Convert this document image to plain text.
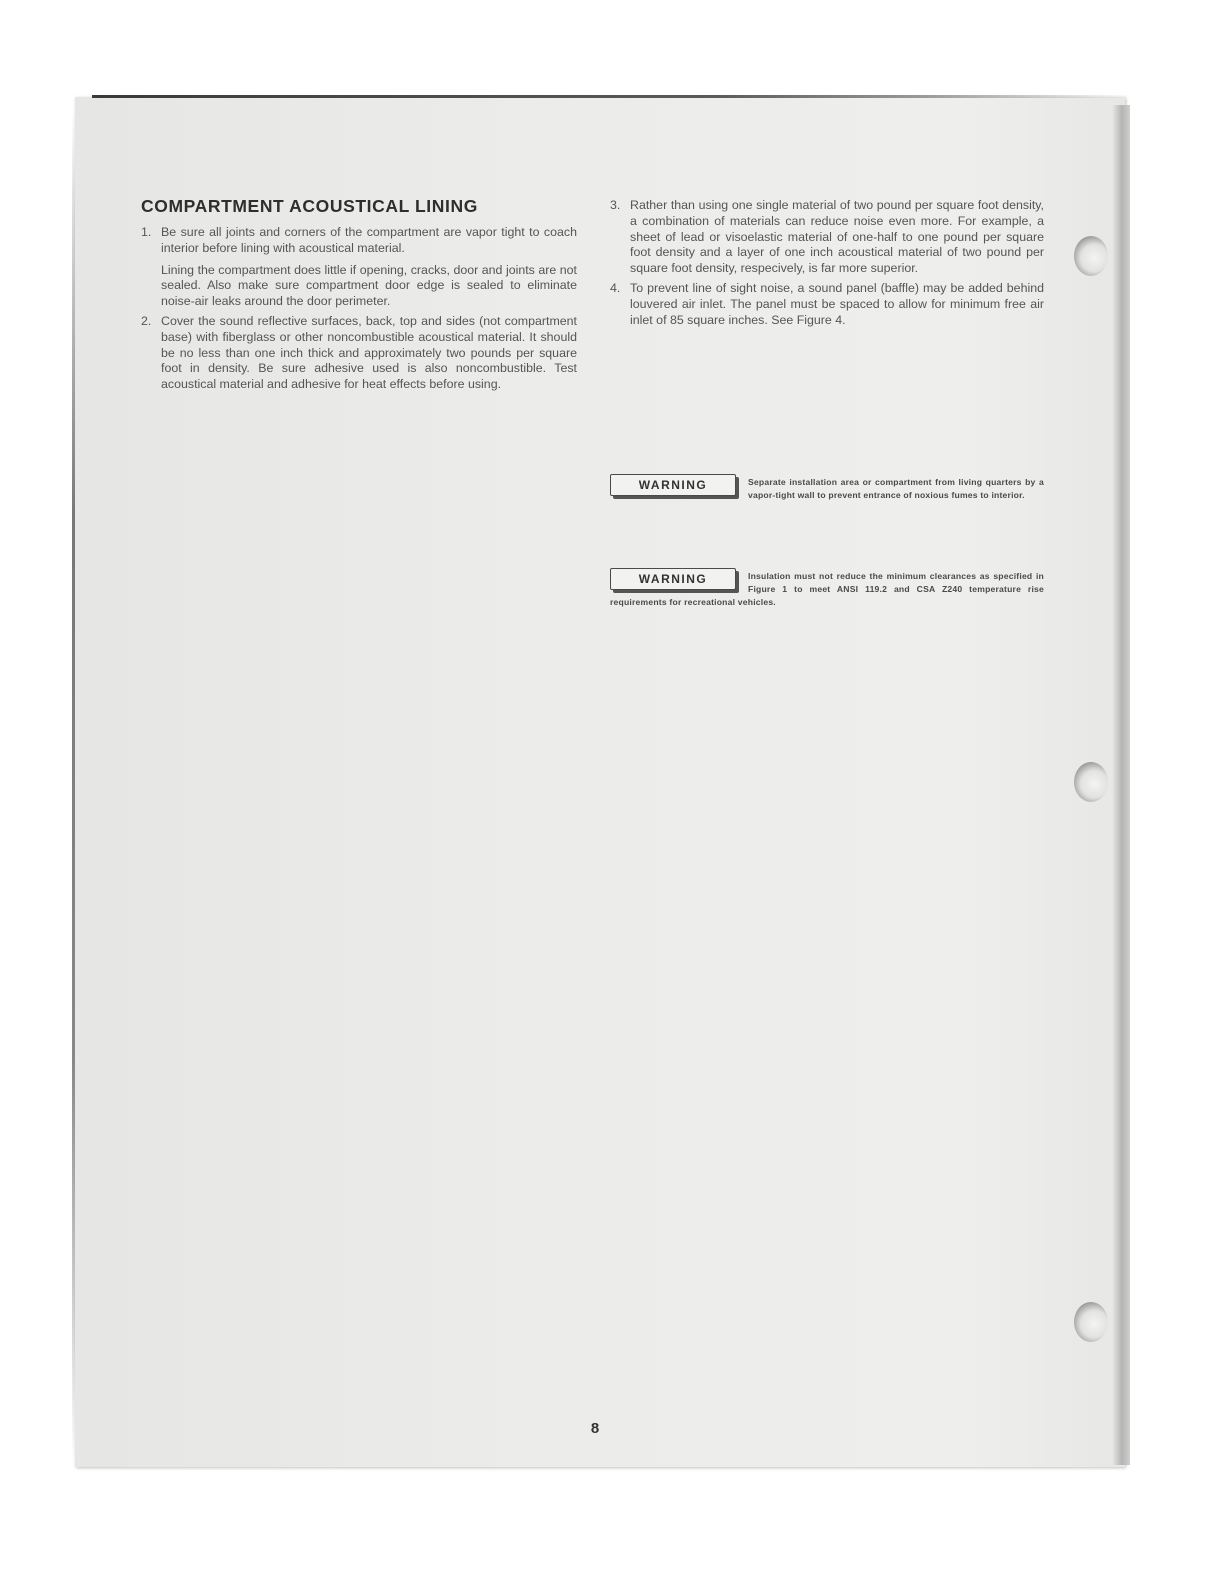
COMPARTMENT ACOUSTICAL LINING
1. Be sure all joints and corners of the compartment are vapor tight to coach interior before lining with acoustical material.
Lining the compartment does little if opening, cracks, door and joints are not sealed. Also make sure compartment door edge is sealed to eliminate noise-air leaks around the door perimeter.
2. Cover the sound reflective surfaces, back, top and sides (not compartment base) with fiberglass or other noncombustible acoustical material. It should be no less than one inch thick and approximately two pounds per square foot in density. Be sure adhesive used is also noncombustible. Test acoustical material and adhesive for heat effects before using.
3. Rather than using one single material of two pound per square foot density, a combination of materials can reduce noise even more. For example, a sheet of lead or visoelastic material of one-half to one pound per square foot density and a layer of one inch acoustical material of two pound per square foot density, respecively, is far more superior.
4. To prevent line of sight noise, a sound panel (baffle) may be added behind louvered air inlet. The panel must be spaced to allow for minimum free air inlet of 85 square inches. See Figure 4.
WARNING	Separate installation area or compartment from living quarters by a vapor-tight wall to prevent entrance of noxious fumes to interior.
WARNING	Insulation must not reduce the minimum clearances as specified in Figure 1 to meet ANSI 119.2 and CSA Z240 temperature rise requirements for recreational vehicles.
8
